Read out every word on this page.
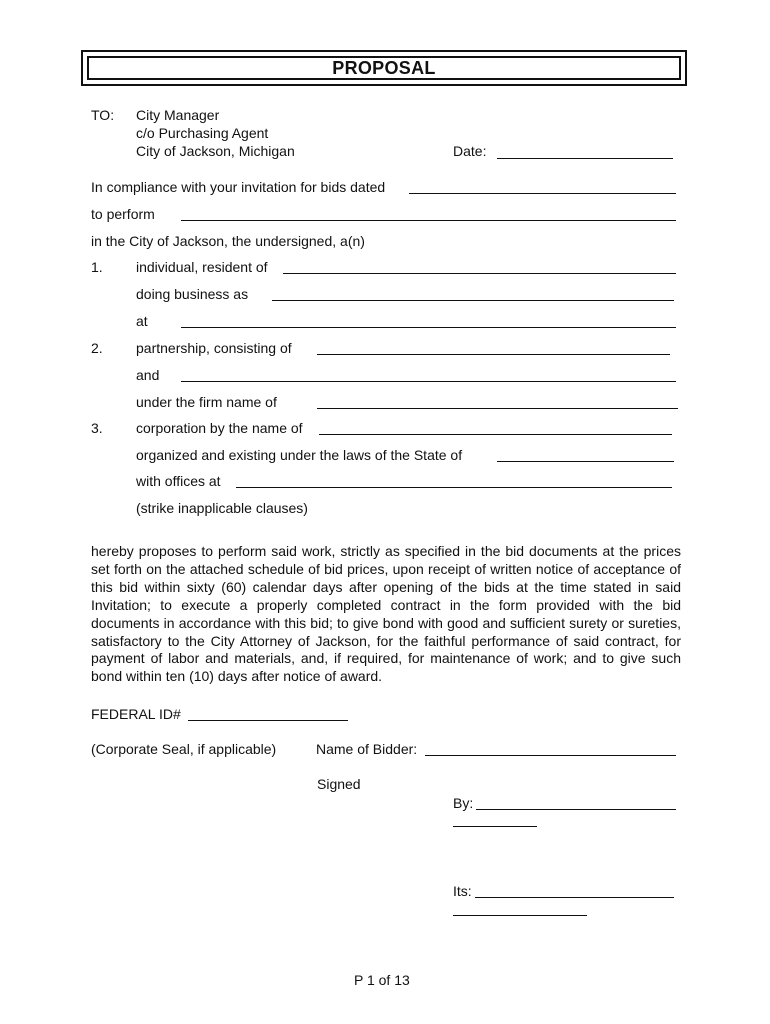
PROPOSAL
TO: City Manager
c/o Purchasing Agent
City of Jackson, Michigan	Date:
In compliance with your invitation for bids dated
to perform
in the City of Jackson, the undersigned, a(n)
1. individual, resident of
doing business as
at
2. partnership, consisting of
and
under the firm name of
3. corporation by the name of
organized and existing under the laws of the State of
with offices at
(strike inapplicable clauses)
hereby proposes to perform said work, strictly as specified in the bid documents at the prices set forth on the attached schedule of bid prices, upon receipt of written notice of acceptance of this bid within sixty (60) calendar days after opening of the bids at the time stated in said Invitation; to execute a properly completed contract in the form provided with the bid documents in accordance with this bid; to give bond with good and sufficient surety or sureties, satisfactory to the City Attorney of Jackson, for the faithful performance of said contract, for payment of labor and materials, and, if required, for maintenance of work; and to give such bond within ten (10) days after notice of award.
FEDERAL ID#
(Corporate Seal, if applicable)	Name of Bidder:
Signed
By:
Its:
P 1 of 13
